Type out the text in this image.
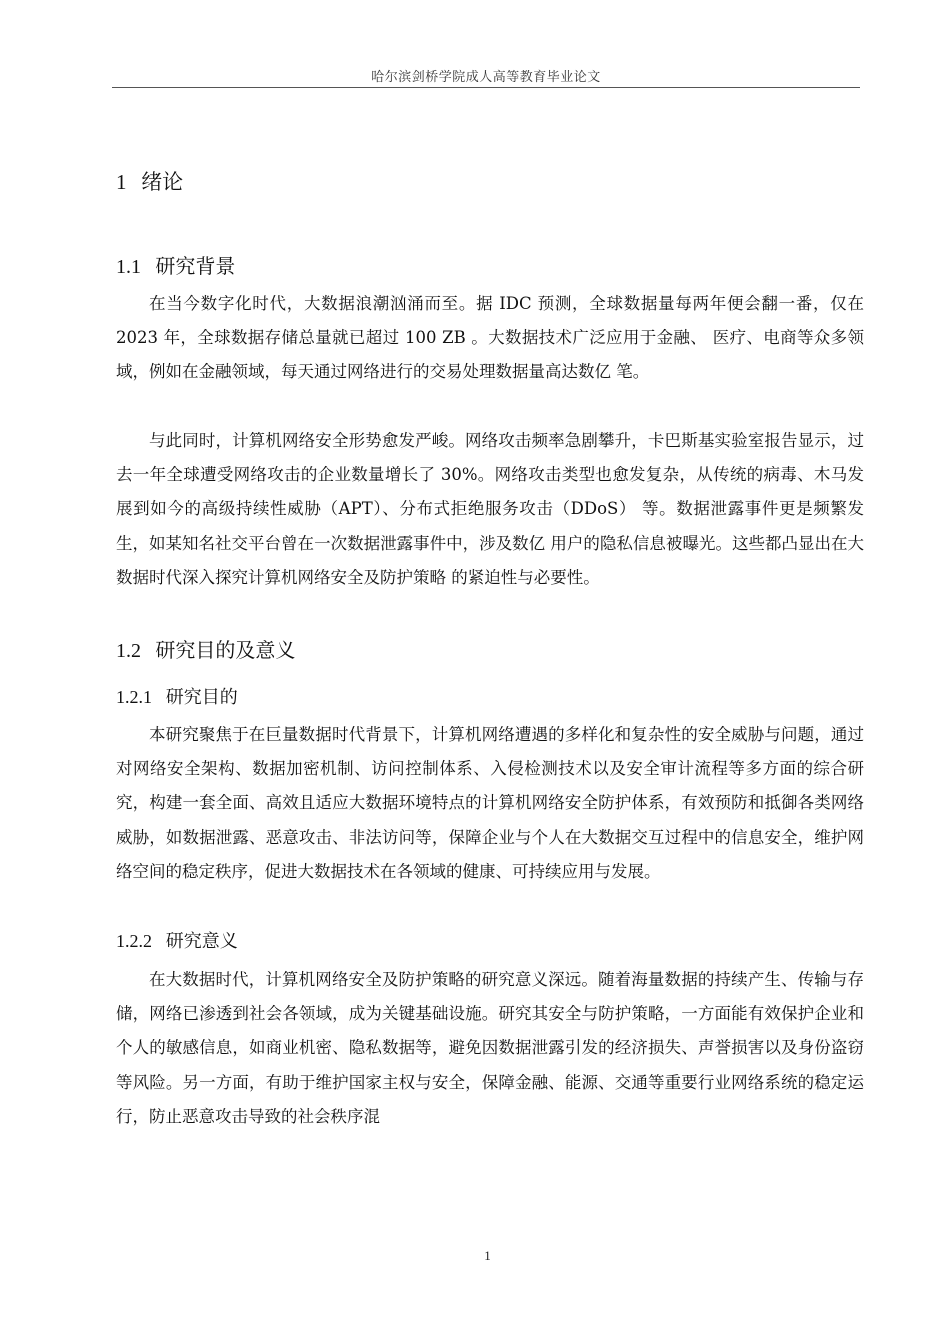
哈尔滨剑桥学院成人高等教育毕业论文
1 绪论
1.1 研究背景

在当今数字化时代，大数据浪潮汹涌而至。据 IDC 预测，全球数据量每两年便会翻一番，仅在 2023 年，全球数据存储总量就已超过 100 ZB 。大数据技术广泛应用于金融、 医疗、电商等众多领域，例如在金融领域，每天通过网络进行的交易处理数据量高达数亿 笔。

与此同时，计算机网络安全形势愈发严峻。网络攻击频率急剧攀升，卡巴斯基实验室报告显示，过去一年全球遭受网络攻击的企业数量增长了 30%。网络攻击类型也愈发复杂，从传统的病毒、木马发展到如今的高级持续性威胁（APT）、分布式拒绝服务攻击（DDoS） 等。数据泄露事件更是频繁发生，如某知名社交平台曾在一次数据泄露事件中，涉及数亿 用户的隐私信息被曝光。这些都凸显出在大数据时代深入探究计算机网络安全及防护策略 的紧迫性与必要性。

1.2 研究目的及意义
1.2.1 研究目的

本研究聚焦于在巨量数据时代背景下，计算机网络遭遇的多样化和复杂性的安全威胁与问题，通过对网络安全架构、数据加密机制、访问控制体系、入侵检测技术以及安全审计流程等多方面的综合研究，构建一套全面、高效且适应大数据环境特点的计算机网络安全防护体系，有效预防和抵御各类网络威胁，如数据泄露、恶意攻击、非法访问等，保障企业与个人在大数据交互过程中的信息安全，维护网络空间的稳定秩序，促进大数据技术在各领域的健康、可持续应用与发展。

1.2.2 研究意义

在大数据时代，计算机网络安全及防护策略的研究意义深远。随着海量数据的持续产生、传输与存储，网络已渗透到社会各领域，成为关键基础设施。研究其安全与防护策略，一方面能有效保护企业和个人的敏感信息，如商业机密、隐私数据等，避免因数据泄露引发的经济损失、声誉损害以及身份盗窃等风险。另一方面，有助于维护国家主权与安全，保障金融、能源、交通等重要行业网络系统的稳定运行，防止恶意攻击导致的社会秩序混

1
